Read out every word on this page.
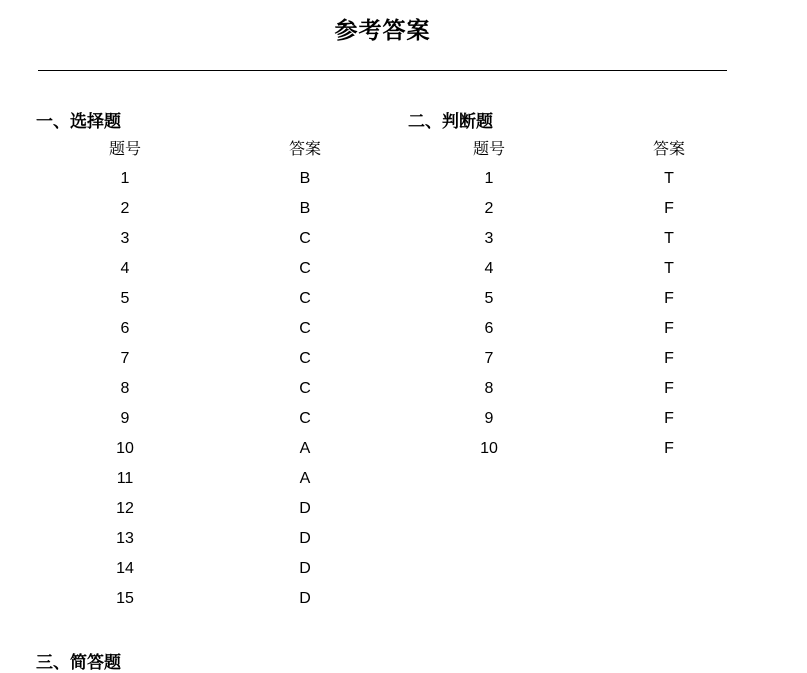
参考答案
一、选择题	二、判断题
题号	答案
1	B
2	B
3	C
4	C
5	C
6	C
7	C
8	C
9	C
10	A
11	A
12	D
13	D
14	D
15	D
题号	答案
1	T
2	F
3	T
4	T
5	F
6	F
7	F
8	F
9	F
10	F
三、简答题
